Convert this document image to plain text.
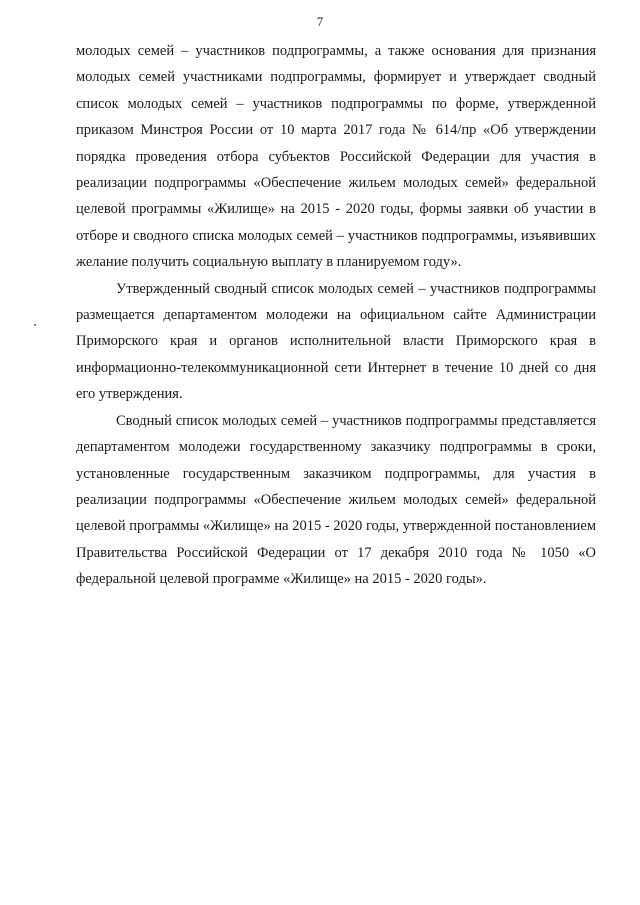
7

молодых семей – участников подпрограммы, а также основания для признания молодых семей участниками подпрограммы, формирует и утверждает сводный список молодых семей – участников подпрограммы по форме, утвержденной приказом Минстроя России от 10 марта 2017 года № 614/пр «Об утверждении порядка проведения отбора субъектов Российской Федерации для участия в реализации подпрограммы «Обеспечение жильем молодых семей» федеральной целевой программы «Жилище» на 2015 - 2020 годы, формы заявки об участии в отборе и сводного списка молодых семей – участников подпрограммы, изъявивших желание получить социальную выплату в планируемом году».

Утвержденный сводный список молодых семей – участников подпрограммы размещается департаментом молодежи на официальном сайте Администрации Приморского края и органов исполнительной власти Приморского края в информационно-телекоммуникационной сети Интернет в течение 10 дней со дня его утверждения.

Сводный список молодых семей – участников подпрограммы представляется департаментом молодежи государственному заказчику подпрограммы в сроки, установленные государственным заказчиком подпрограммы, для участия в реализации подпрограммы «Обеспечение жильем молодых семей» федеральной целевой программы «Жилище» на 2015 - 2020 годы, утвержденной постановлением Правительства Российской Федерации от 17 декабря 2010 года № 1050 «О федеральной целевой программе «Жилище» на 2015 - 2020 годы».
